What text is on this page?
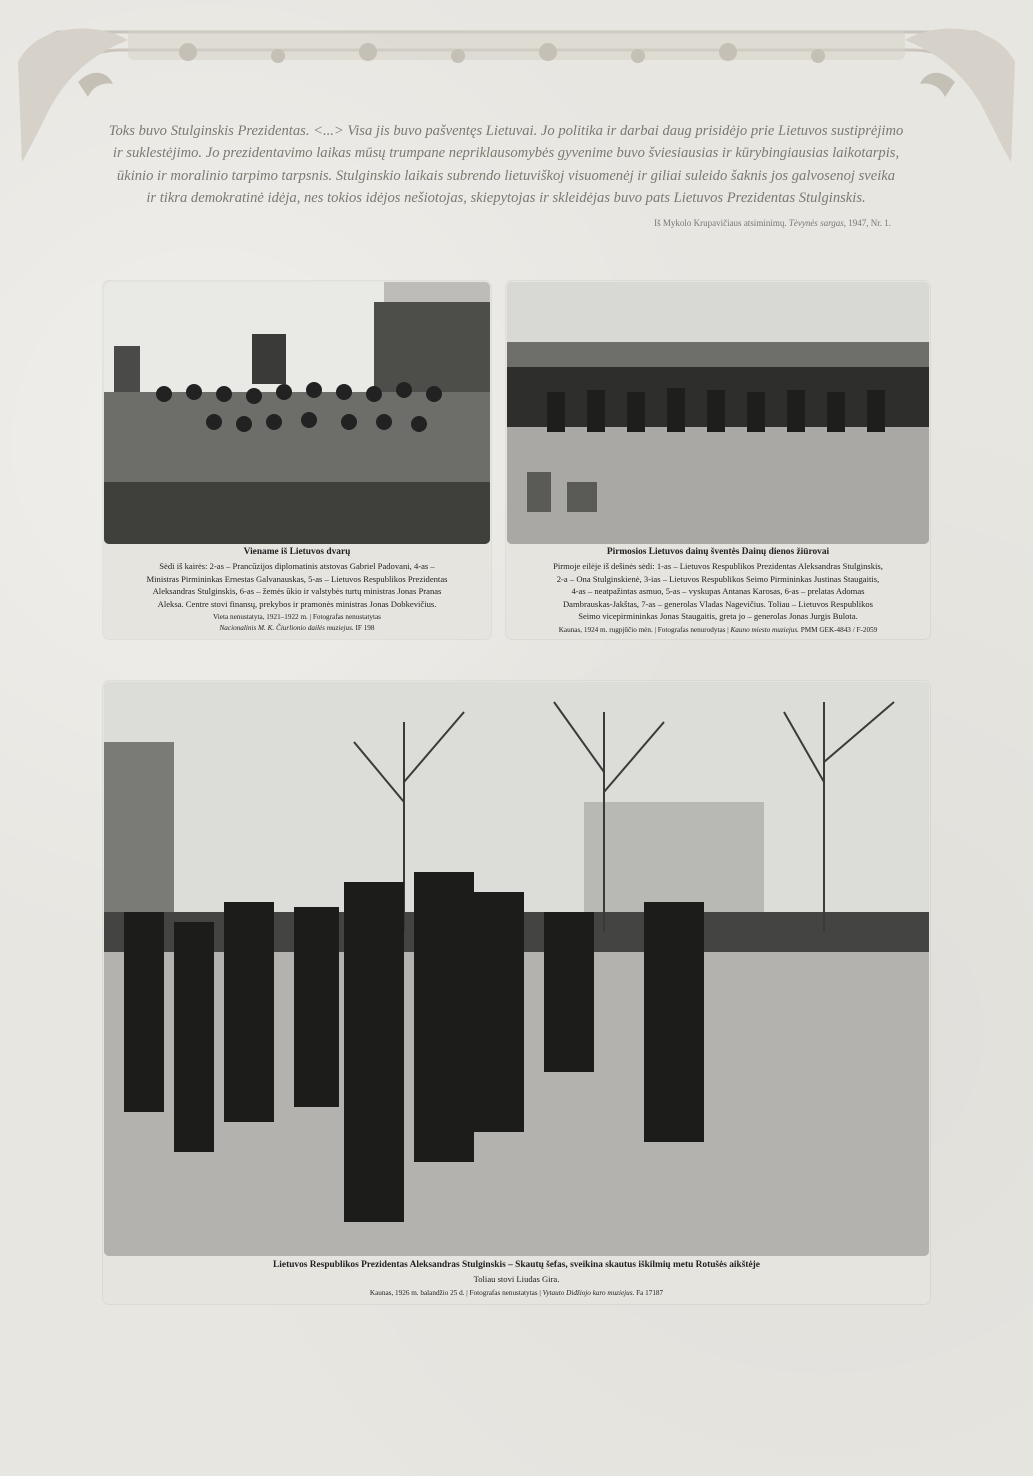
Toks buvo Stulginskis Prezidentas. <...> Visa jis buvo pašventęs Lietuvai. Jo politika ir darbai daug prisidėjo prie Lietuvos sustiprėjimo
ir suklestėjimo. Jo prezidentavimo laikas mūsų trumpane nepriklausomybės gyvenime buvo šviesiausias ir kūrybingiausias laikotarpis,
ūkinio ir moralinio tarpimo tarpsnis. Stulginskio laikais subrendo lietuviškoj visuomenėj ir giliai suleido šaknis jos galvosenoj sveika
ir tikra demokratinė idėja, nes tokios idėjos nešiotojas, skiepytojas ir skleidėjas buvo pats Lietuvos Prezidentas Stulginskis.
Iš Mykolo Krupavičiaus atsiminimų. Tėvynės sargas, 1947, Nr. 1.
Viename iš Lietuvos dvarų
Sėdi iš kairės: 2-as – Prancūzijos diplomatinis atstovas Gabriel Padovani, 4-as –
Ministras Pirmininkas Ernestas Galvanauskas, 5-as – Lietuvos Respublikos Prezidentas
Aleksandras Stulginskis, 6-as – žemės ūkio ir valstybės turtų ministras Jonas Pranas
Aleksa. Centre stovi finansų, prekybos ir pramonės ministras Jonas Dobkevičius.
Vieta nenustatyta, 1921–1922 m. | Fotografas nenustatytas
Nacionalinis M. K. Čiurlionio dailės muziejus. IF 198
Pirmosios Lietuvos dainų šventės Dainų dienos žiūrovai
Pirmoje eilėje iš dešinės sėdi: 1-as – Lietuvos Respublikos Prezidentas Aleksandras Stulginskis,
2-a – Ona Stulginskienė, 3-ias – Lietuvos Respublikos Seimo Pirmininkas Justinas Staugaitis,
4-as – neatpažintas asmuo, 5-as – vyskupas Antanas Karosas, 6-as – prelatas Adomas
Dambrauskas-Jakštas, 7-as – generolas Vladas Nagevičius. Toliau – Lietuvos Respublikos
Seimo vicepirmininkas Jonas Staugaitis, greta jo – generolas Jonas Jurgis Bulota.
Kaunas, 1924 m. rugpjūčio mėn. | Fotografas nenurodytas | Kauno miesto muziejus. PMM GEK-4843 / F-2059
Lietuvos Respublikos Prezidentas Aleksandras Stulginskis – Skautų šefas, sveikina skautus iškilmių metu Rotušės aikštėje
Toliau stovi Liudas Gira.
Kaunas, 1926 m. balandžio 25 d. | Fotografas nenustatytas | Vytauto Didžiojo karo muziejus. Fa 17187
